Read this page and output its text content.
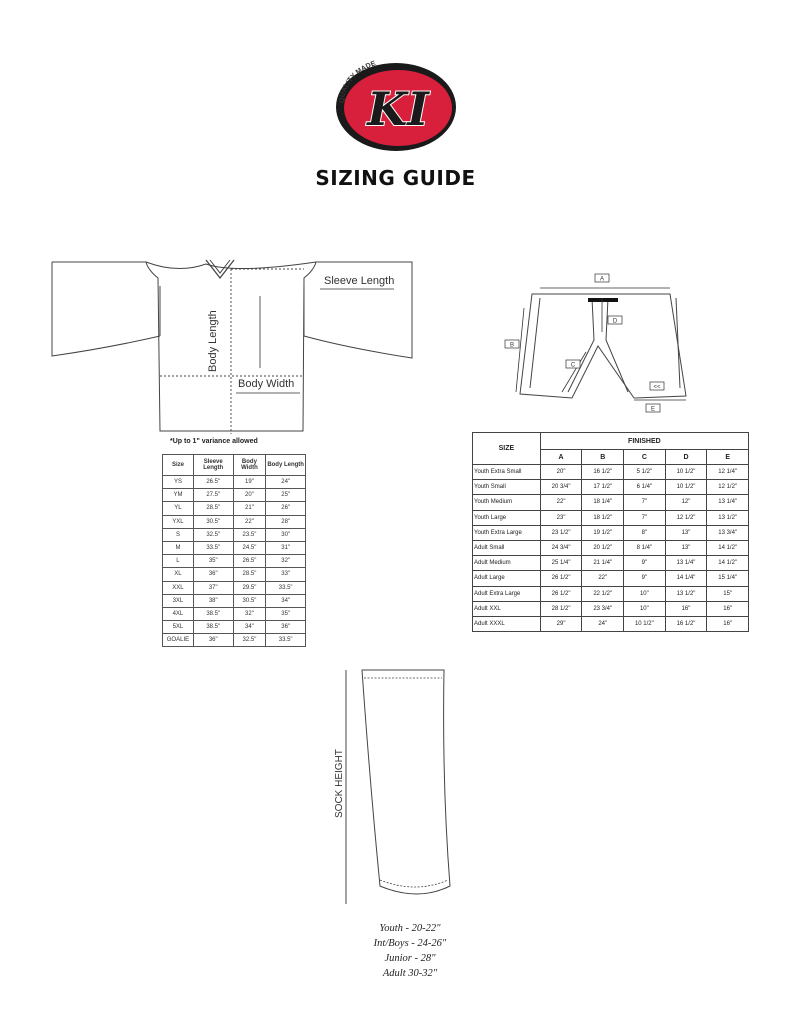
QUALITY MADE
KI
SIZING GUIDE
Sleeve Length
Body Length
Body Width
*Up to 1" variance allowed
Size	Sleeve Length	Body Width	Body Length
YS	26.5"	19"	24"
YM	27.5"	20"	25"
YL	28.5"	21"	26"
YXL	30.5"	22"	28"
S	32.5"	23.5"	30"
M	33.5"	24.5"	31"
L	35"	26.5"	32"
XL	36"	28.5"	33"
XXL	37"	29.5"	33.5"
3XL	38"	30.5"	34"
4XL	38.5"	32"	35"
5XL	38.5"	34"	36"
GOALIE	36"	32.5"	33.5"
A
B
C
D
E
<<
SIZE	FINISHED				
	A	B	C	D	E
Youth Extra Small	20"	16 1/2"	5 1/2"	10 1/2"	12 1/4"
Youth Small	20 3/4"	17 1/2"	6 1/4"	10 1/2"	12 1/2"
Youth Medium	22"	18 1/4"	7"	12"	13 1/4"
Youth Large	23"	18 1/2"	7"	12 1/2"	13 1/2"
Youth Extra Large	23 1/2"	19 1/2"	8"	13"	13 3/4"
Adult Small	24 3/4"	20 1/2"	8 1/4"	13"	14 1/2"
Adult Medium	25 1/4"	21 1/4"	9"	13 1/4"	14 1/2"
Adult Large	26 1/2"	22"	9"	14 1/4"	15 1/4"
Adult Extra Large	26 1/2"	22 1/2"	10"	13 1/2"	15"
Adult XXL	28 1/2"	23 3/4"	10"	16"	16"
Adult XXXL	29"	24"	10 1/2"	16 1/2"	16"
SOCK HEIGHT
Youth - 20-22"
Int/Boys - 24-26"
Junior - 28"
Adult 30-32"
